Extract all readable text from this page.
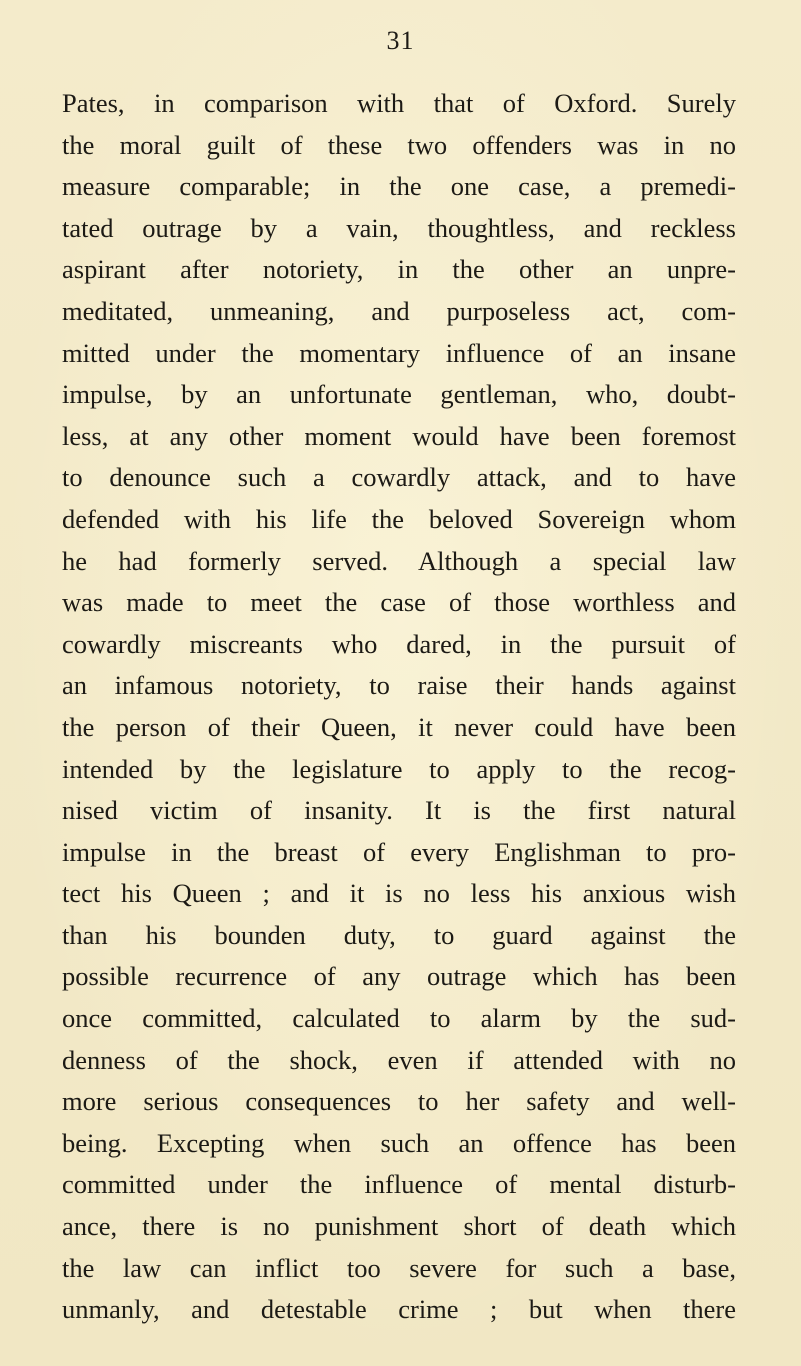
31
Pates, in comparison with that of Oxford. Surely
the moral guilt of these two offenders was in no
measure comparable; in the one case, a premedi-
tated outrage by a vain, thoughtless, and reckless
aspirant after notoriety, in the other an unpre-
meditated, unmeaning, and purposeless act, com-
mitted under the momentary influence of an insane
impulse, by an unfortunate gentleman, who, doubt-
less, at any other moment would have been foremost
to denounce such a cowardly attack, and to have
defended with his life the beloved Sovereign whom
he had formerly served. Although a special law
was made to meet the case of those worthless and
cowardly miscreants who dared, in the pursuit of
an infamous notoriety, to raise their hands against
the person of their Queen, it never could have been
intended by the legislature to apply to the recog-
nised victim of insanity. It is the first natural
impulse in the breast of every Englishman to pro-
tect his Queen ; and it is no less his anxious wish
than his bounden duty, to guard against the
possible recurrence of any outrage which has been
once committed, calculated to alarm by the sud-
denness of the shock, even if attended with no
more serious consequences to her safety and well-
being. Excepting when such an offence has been
committed under the influence of mental disturb-
ance, there is no punishment short of death which
the law can inflict too severe for such a base,
unmanly, and detestable crime ; but when there
